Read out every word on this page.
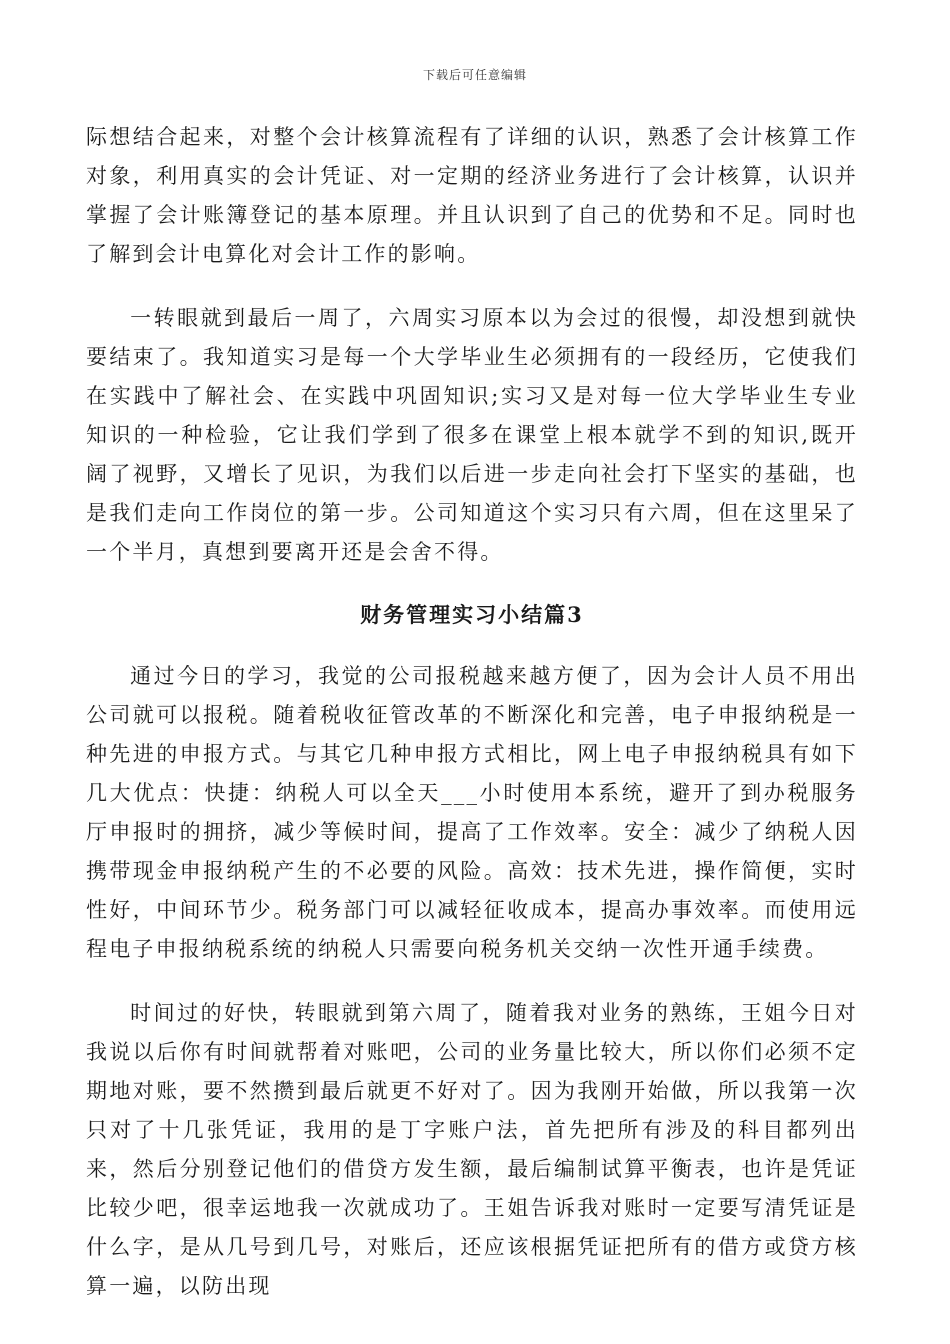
下载后可任意编辑

际想结合起来，对整个会计核算流程有了详细的认识，熟悉了会计核算工作对象，利用真实的会计凭证、对一定期的经济业务进行了会计核算，认识并掌握了会计账簿登记的基本原理。并且认识到了自己的优势和不足。同时也了解到会计电算化对会计工作的影响。

一转眼就到最后一周了，六周实习原本以为会过的很慢，却没想到就快要结束了。我知道实习是每一个大学毕业生必须拥有的一段经历，它使我们在实践中了解社会、在实践中巩固知识;实习又是对每一位大学毕业生专业知识的一种检验，它让我们学到了很多在课堂上根本就学不到的知识,既开阔了视野，又增长了见识，为我们以后进一步走向社会打下坚实的基础，也是我们走向工作岗位的第一步。公司知道这个实习只有六周，但在这里呆了一个半月，真想到要离开还是会舍不得。

财务管理实习小结篇3

通过今日的学习，我觉的公司报税越来越方便了，因为会计人员不用出公司就可以报税。随着税收征管改革的不断深化和完善，电子申报纳税是一种先进的申报方式。与其它几种申报方式相比，网上电子申报纳税具有如下几大优点：快捷：纳税人可以全天___小时使用本系统，避开了到办税服务厅申报时的拥挤，减少等候时间，提高了工作效率。安全：减少了纳税人因携带现金申报纳税产生的不必要的风险。高效：技术先进，操作简便，实时性好，中间环节少。税务部门可以减轻征收成本，提高办事效率。而使用远程电子申报纳税系统的纳税人只需要向税务机关交纳一次性开通手续费。

时间过的好快，转眼就到第六周了，随着我对业务的熟练，王姐今日对我说以后你有时间就帮着对账吧，公司的业务量比较大，所以你们必须不定期地对账，要不然攒到最后就更不好对了。因为我刚开始做，所以我第一次只对了十几张凭证，我用的是丁字账户法，首先把所有涉及的科目都列出来，然后分别登记他们的借贷方发生额，最后编制试算平衡表，也许是凭证比较少吧，很幸运地我一次就成功了。王姐告诉我对账时一定要写清凭证是什么字，是从几号到几号，对账后，还应该根据凭证把所有的借方或贷方核算一遍，以防出现
